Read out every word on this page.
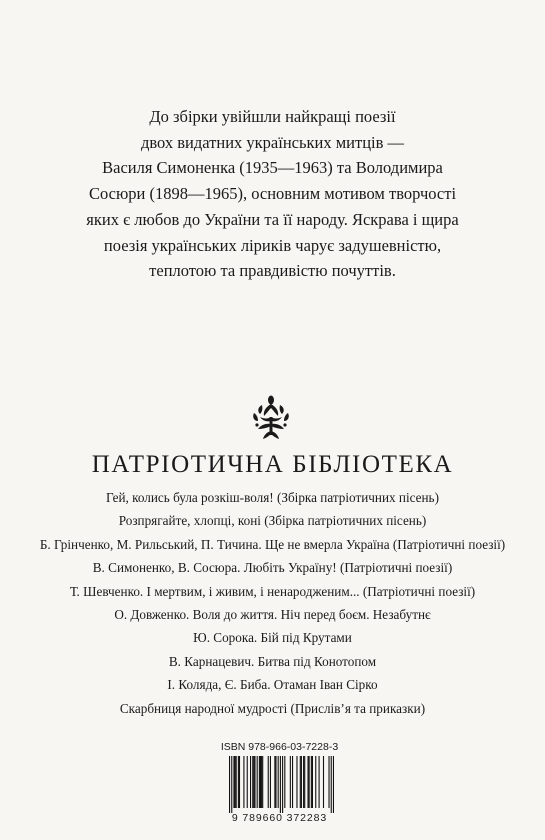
До збірки увійшли найкращі поезії
двох видатних українських митців —
Василя Симоненка (1935—1963) та Володимира
Сосюри (1898—1965), основним мотивом творчості
яких є любов до України та її народу. Яскрава і щира
поезія українських ліриків чарує задушевністю,
теплотою та правдивістю почуттів.
ПАТРІОТИЧНА БІБЛІОТЕКА
Гей, колись була розкіш-воля! (Збірка патріотичних пісень)
Розпрягайте, хлопці, коні (Збірка патріотичних пісень)
Б. Грінченко, М. Рильський, П. Тичина. Ще не вмерла Україна (Патріотичні поезії)
В. Симоненко, В. Сосюра. Любіть Україну! (Патріотичні поезії)
Т. Шевченко. І мертвим, і живим, і ненародженим... (Патріотичні поезії)
О. Довженко. Воля до життя. Ніч перед боєм. Незабутнє
Ю. Сорока. Бій під Крутами
В. Карнацевич. Битва під Конотопом
І. Коляда, Є. Биба. Отаман Іван Сірко
Скарбниця народної мудрості (Прислів’я та приказки)
ISBN 978-966-03-7228-3
9 789660 372283
